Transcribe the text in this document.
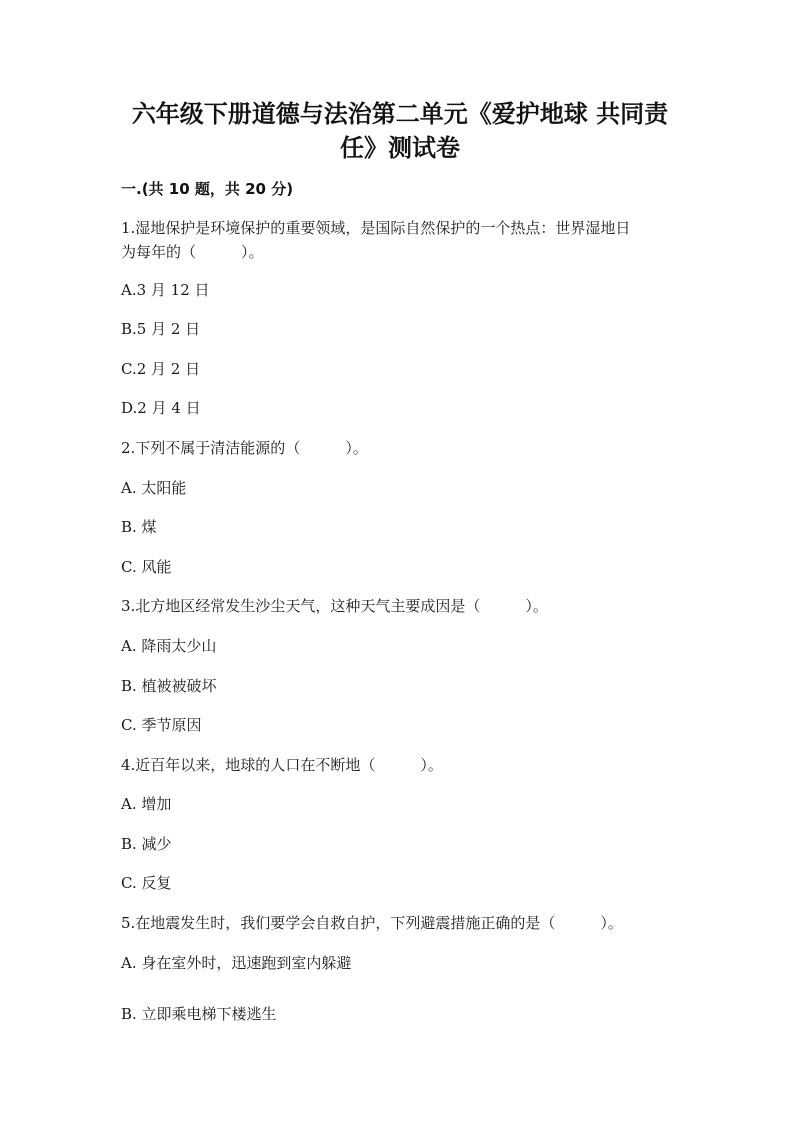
六年级下册道德与法治第二单元《爱护地球 共同责
任》测试卷
一.(共 10 题，共 20 分)
1.湿地保护是环境保护的重要领域，是国际自然保护的一个热点：世界湿地日
为每年的（　　　）。
A.3 月 12 日
B.5 月 2 日
C.2 月 2 日
D.2 月 4 日
2.下列不属于清洁能源的（　　　）。
A. 太阳能
B. 煤
C. 风能
3.北方地区经常发生沙尘天气，这种天气主要成因是（　　　）。
A. 降雨太少山
B. 植被被破坏
C. 季节原因
4.近百年以来，地球的人口在不断地（　　　）。
A. 增加
B. 减少
C. 反复
5.在地震发生时，我们要学会自救自护，下列避震措施正确的是（　　　）。
A. 身在室外时，迅速跑到室内躲避
B. 立即乘电梯下楼逃生
